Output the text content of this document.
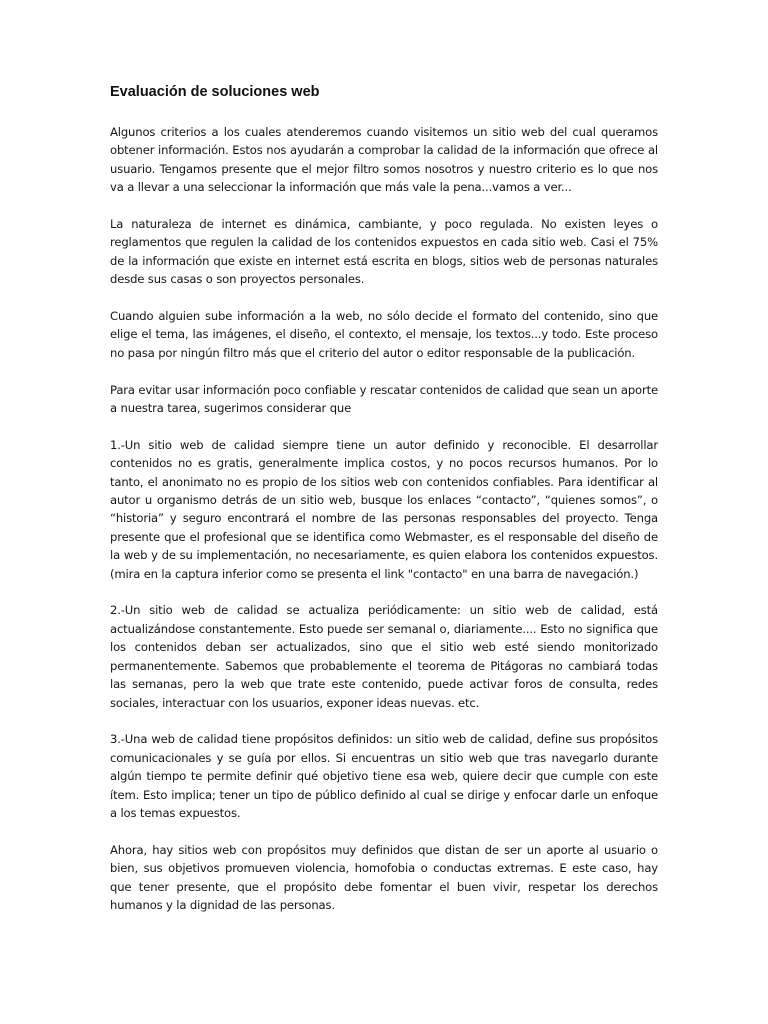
Evaluación de soluciones web

Algunos criterios a los cuales atenderemos cuando visitemos un sitio web del cual queramos obtener información. Estos nos ayudarán a comprobar la calidad de la información que ofrece al usuario. Tengamos presente que el mejor filtro somos nosotros y nuestro criterio es lo que nos va a llevar a una seleccionar la información que más vale la pena...vamos a ver...

La naturaleza de internet es dinámica, cambiante, y poco regulada. No existen leyes o reglamentos que regulen la calidad de los contenidos expuestos en cada sitio web. Casi el 75% de la información que existe en internet está escrita en blogs, sitios web de personas naturales desde sus casas o son proyectos personales.

Cuando alguien sube información a la web, no sólo decide el formato del contenido, sino que elige el tema, las imágenes, el diseño, el contexto, el mensaje, los textos...y todo. Este proceso no pasa por ningún filtro más que el criterio del autor o editor responsable de la publicación.

Para evitar usar información poco confiable y rescatar contenidos de calidad que sean un aporte a nuestra tarea, sugerimos considerar que

1.-Un sitio web de calidad siempre tiene un autor definido y reconocible. El desarrollar contenidos no es gratis, generalmente implica costos, y no pocos recursos humanos. Por lo tanto, el anonimato no es propio de los sitios web con contenidos confiables. Para identificar al autor u organismo detrás de un sitio web, busque los enlaces “contacto”, “quienes somos”, o “historia” y seguro encontrará el nombre de las personas responsables del proyecto. Tenga presente que el profesional que se identifica como Webmaster, es el responsable del diseño de la web y de su implementación, no necesariamente, es quien elabora los contenidos expuestos. (mira en la captura inferior como se presenta el link "contacto" en una barra de navegación.)

2.-Un sitio web de calidad se actualiza periódicamente: un sitio web de calidad, está actualizándose constantemente. Esto puede ser semanal o, diariamente.... Esto no significa que los contenidos deban ser actualizados, sino que el sitio web esté siendo monitorizado permanentemente. Sabemos que probablemente el teorema de Pitágoras no cambiará todas las semanas, pero la web que trate este contenido, puede activar foros de consulta, redes sociales, interactuar con los usuarios, exponer ideas nuevas. etc.

3.-Una web de calidad tiene propósitos definidos: un sitio web de calidad, define sus propósitos comunicacionales y se guía por ellos. Si encuentras un sitio web que tras navegarlo durante algún tiempo te permite definir qué objetivo tiene esa web, quiere decir que cumple con este ítem. Esto implica; tener un tipo de público definido al cual se dirige y enfocar darle un enfoque a los temas expuestos.

Ahora, hay sitios web con propósitos muy definidos que distan de ser un aporte al usuario o bien, sus objetivos promueven violencia, homofobia o conductas extremas. E este caso, hay que tener presente, que el propósito debe fomentar el buen vivir, respetar los derechos humanos y la dignidad de las personas.
